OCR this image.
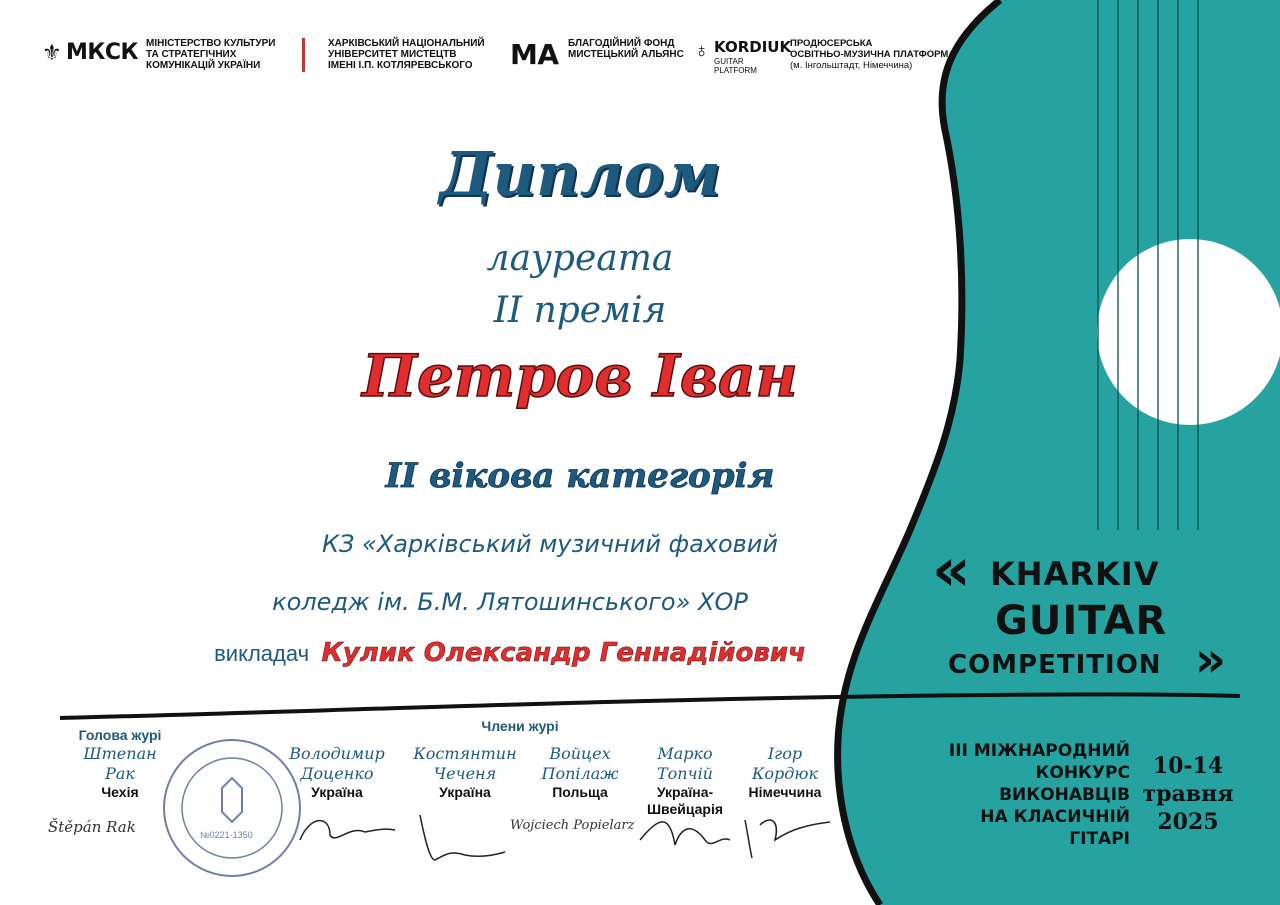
⚜ МКСК МІНІСТЕРСТВО КУЛЬТУРИ
ТА СТРАТЕГІЧНИХ
КОМУНІКАЦІЙ УКРАЇНИ
ХАРКІВСЬКИЙ НАЦІОНАЛЬНИЙ
УНІВЕРСИТЕТ МИСТЕЦТВ
ІМЕНІ І.П. КОТЛЯРЕВСЬКОГО	MA БЛАГОДІЙНИЙ ФОНД
МИСТЕЦЬКИЙ АЛЬЯНС ♁ KORDIUK
GUITAR PLATFORM
ПРОДЮСЕРСЬКА
ОСВІТНЬО-МУЗИЧНА ПЛАТФОРМА
(м. Інгольштадт, Німеччина)
Диплом
лауреата
ІІ премія
Петров Іван
ІІ вікова категорія
КЗ «Харківський музичний фаховий
коледж ім. Б.М. Лятошинського» ХОР
викладач Кулик Олександр Геннадійович
« KHARKIV
GUITAR
COMPETITION »
ІІІ МІЖНАРОДНИЙ
КОНКУРС
ВИКОНАВЦІВ
НА КЛАСИЧНІЙ
ГІТАРІ
10-14
травня
2025
Голова журі
Члени журі
Штепан
Рак
Чехія
Володимир
Доценко
Україна
Костянтин
Чеченя
Україна
Войцех
Попілаж
Польща
Марко
Топчій
Україна-
Швейцарія
Ігор
Кордюк
Німеччина
Štěpán Rak	Wojciech Popielarz
№0221-1350
